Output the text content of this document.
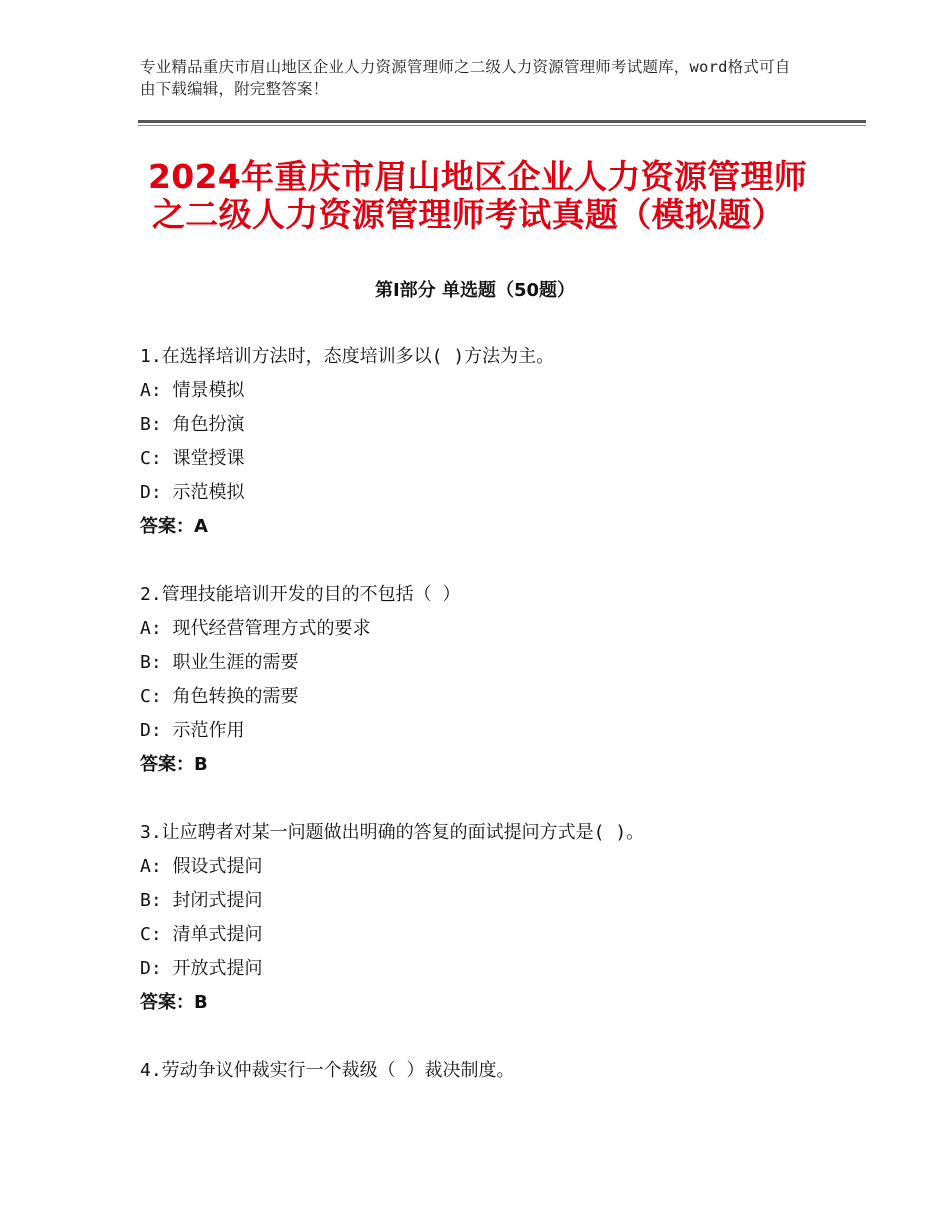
专业精品重庆市眉山地区企业人力资源管理师之二级人力资源管理师考试题库，word格式可自由下载编辑，附完整答案！
2024年重庆市眉山地区企业人力资源管理师
之二级人力资源管理师考试真题（模拟题）
第Ⅰ部分 单选题（50题）
1.在选择培训方法时，态度培训多以( )方法为主。
A: 情景模拟
B: 角色扮演
C: 课堂授课
D: 示范模拟
答案：A
2.管理技能培训开发的目的不包括（ ）
A: 现代经营管理方式的要求
B: 职业生涯的需要
C: 角色转换的需要
D: 示范作用
答案：B
3.让应聘者对某一问题做出明确的答复的面试提问方式是( )。
A: 假设式提问
B: 封闭式提问
C: 清单式提问
D: 开放式提问
答案：B
4.劳动争议仲裁实行一个裁级（ ）裁决制度。
